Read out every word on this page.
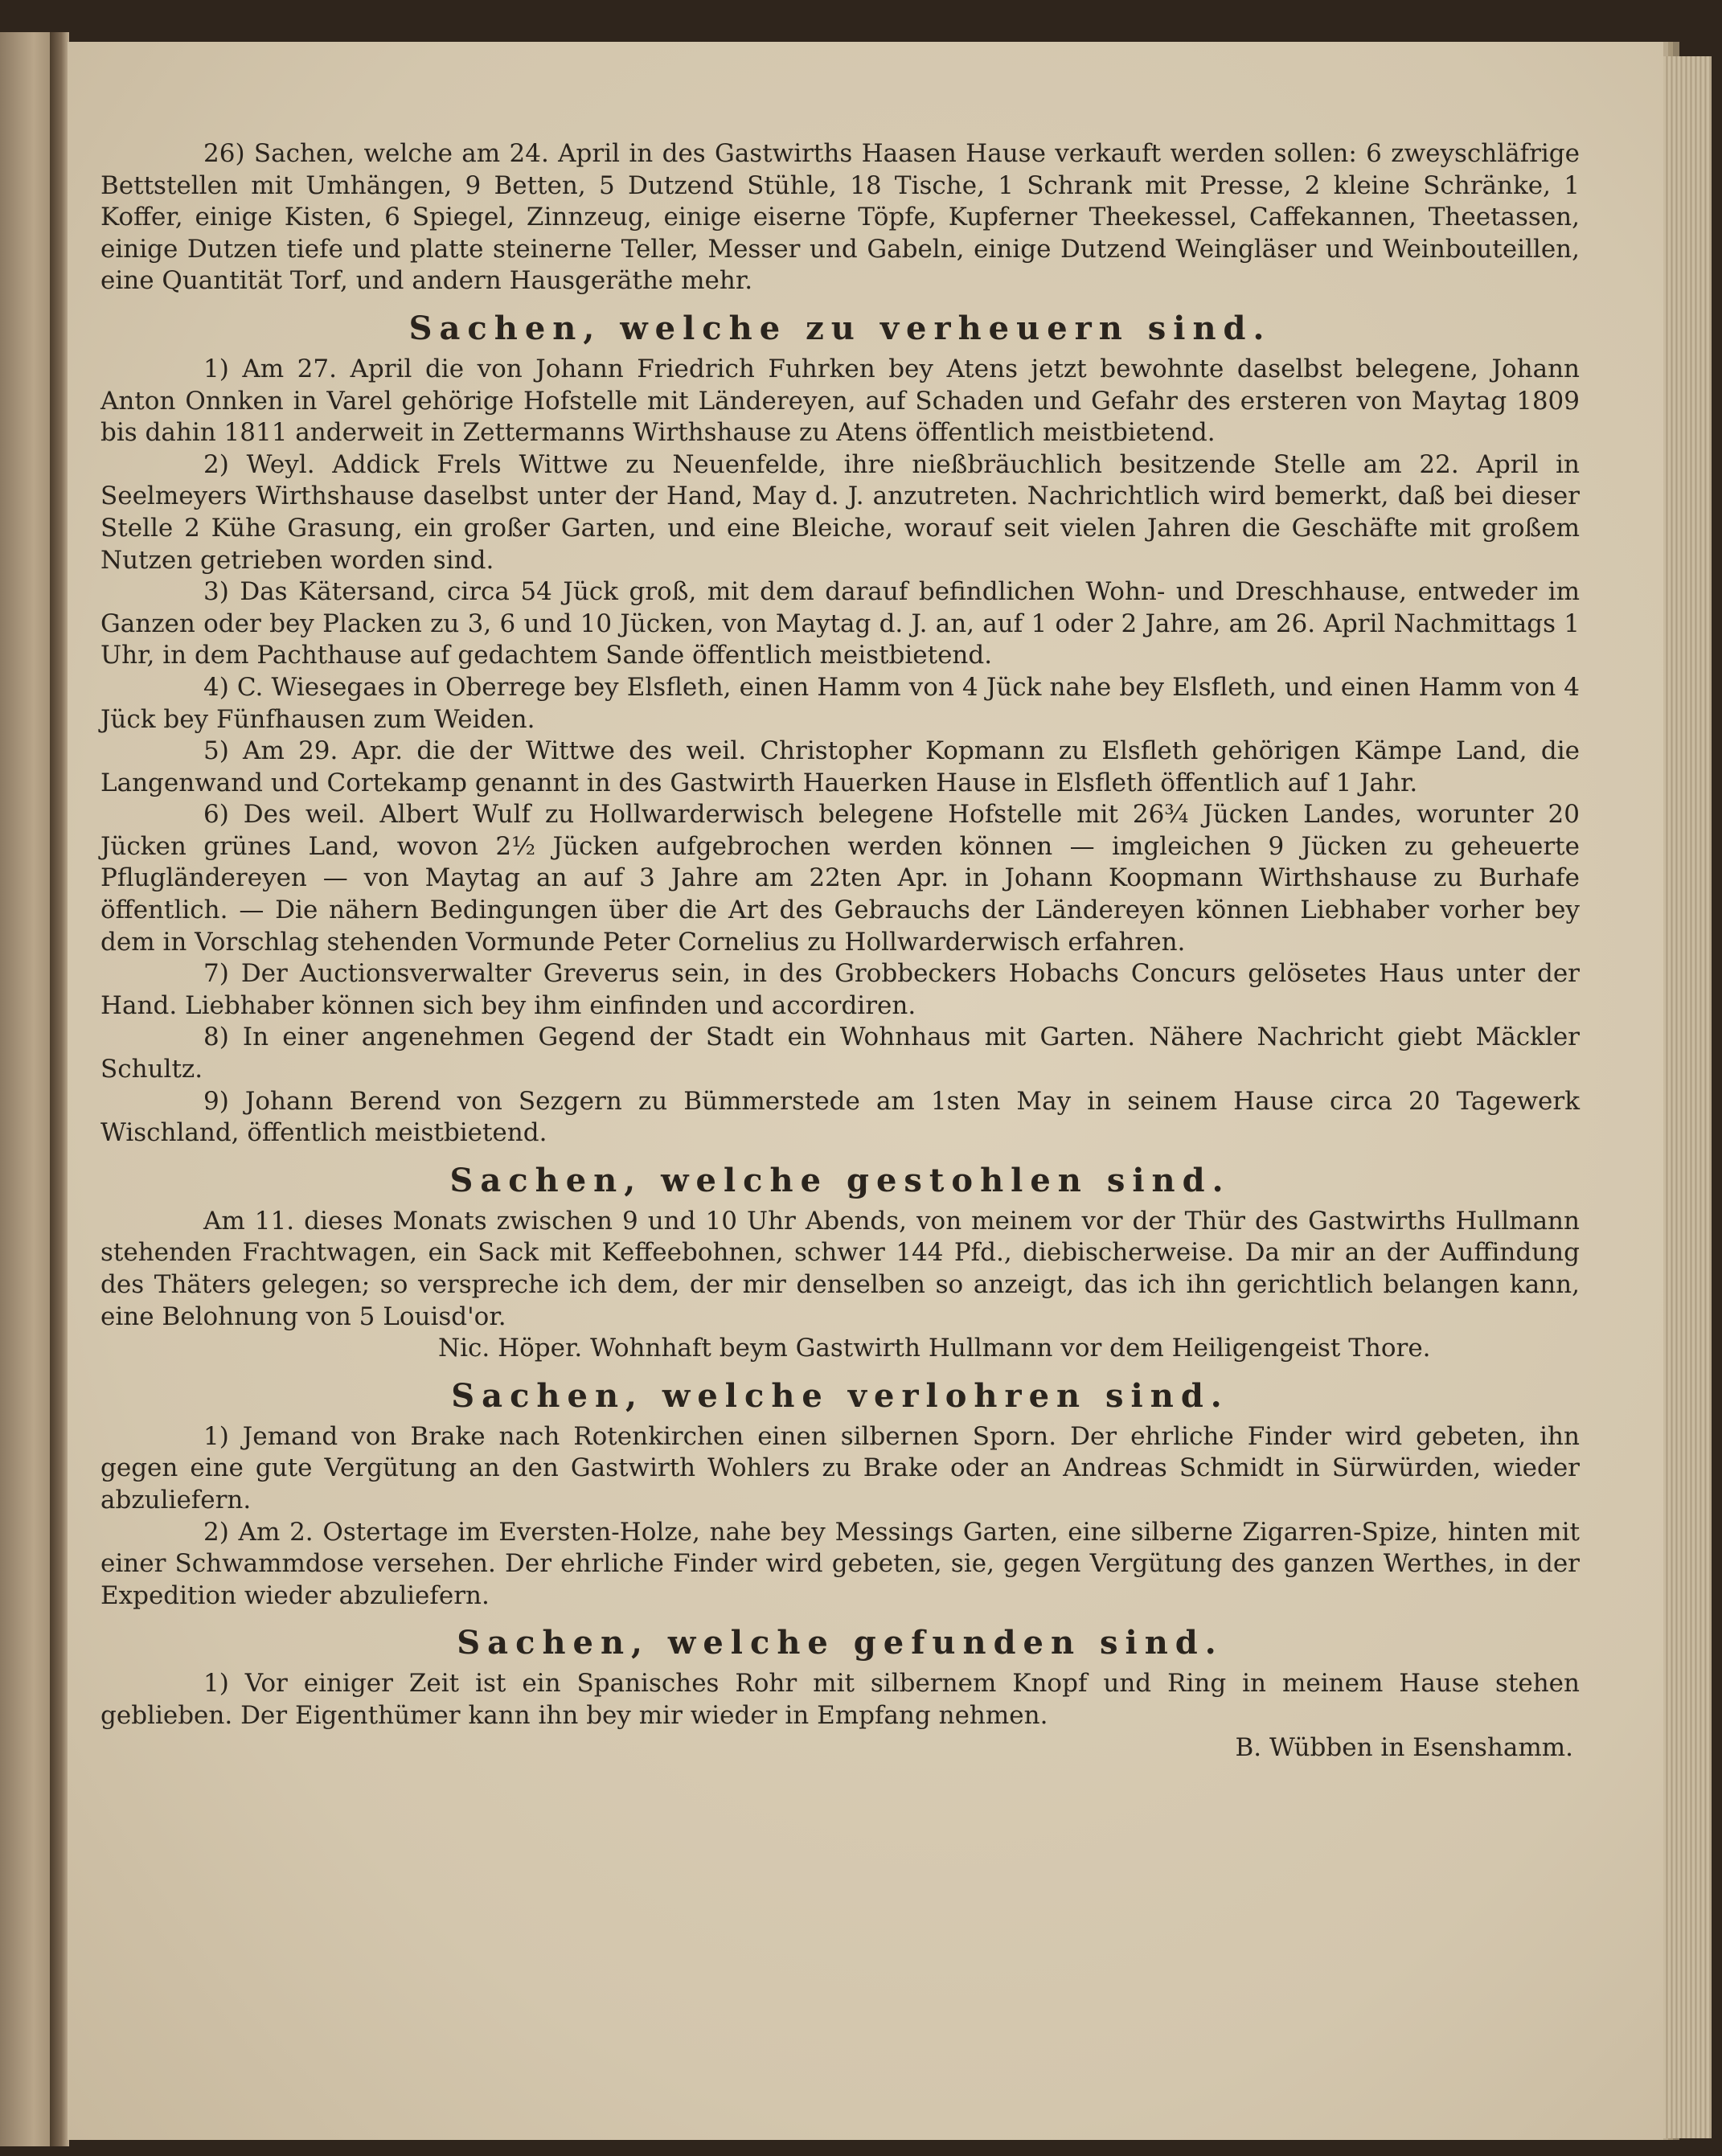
26) Sachen, welche am 24. April in des Gastwirths Haasen Hause verkauft werden sollen: 6 zweyschläfrige Bettstellen mit Umhängen, 9 Betten, 5 Dutzend Stühle, 18 Tische, 1 Schrank mit Presse, 2 kleine Schränke, 1 Koffer, einige Kisten, 6 Spiegel, Zinnzeug, einige eiserne Töpfe, Kupferner Theekessel, Caffekannen, Theetassen, einige Dutzen tiefe und platte steinerne Teller, Messer und Gabeln, einige Dutzend Weingläser und Weinbouteillen, eine Quantität Torf, und andern Hausgeräthe mehr.

Sachen, welche zu verheuern sind.

1) Am 27. April die von Johann Friedrich Fuhrken bey Atens jetzt bewohnte daselbst belegene, Johann Anton Onnken in Varel gehörige Hofstelle mit Ländereyen, auf Schaden und Gefahr des ersteren von Maytag 1809 bis dahin 1811 anderweit in Zettermanns Wirthshause zu Atens öffentlich meistbietend.

2) Weyl. Addick Frels Wittwe zu Neuenfelde, ihre nießbräuchlich besitzende Stelle am 22. April in Seelmeyers Wirthshause daselbst unter der Hand, May d. J. anzutreten. Nachrichtlich wird bemerkt, daß bei dieser Stelle 2 Kühe Grasung, ein großer Garten, und eine Bleiche, worauf seit vielen Jahren die Geschäfte mit großem Nutzen getrieben worden sind.

3) Das Kätersand, circa 54 Jück groß, mit dem darauf befindlichen Wohn- und Dreschhause, entweder im Ganzen oder bey Placken zu 3, 6 und 10 Jücken, von Maytag d. J. an, auf 1 oder 2 Jahre, am 26. April Nachmittags 1 Uhr, in dem Pachthause auf gedachtem Sande öffentlich meistbietend.

4) C. Wiesegaes in Oberrege bey Elsfleth, einen Hamm von 4 Jück nahe bey Elsfleth, und einen Hamm von 4 Jück bey Fünfhausen zum Weiden.

5) Am 29. Apr. die der Wittwe des weil. Christopher Kopmann zu Elsfleth gehörigen Kämpe Land, die Langenwand und Cortekamp genannt in des Gastwirth Hauerken Hause in Elsfleth öffentlich auf 1 Jahr.

6) Des weil. Albert Wulf zu Hollwarderwisch belegene Hofstelle mit 26¾ Jücken Landes, worunter 20 Jücken grünes Land, wovon 2½ Jücken aufgebrochen werden können — imgleichen 9 Jücken zu geheuerte Pflugländereyen — von Maytag an auf 3 Jahre am 22ten Apr. in Johann Koopmann Wirthshause zu Burhafe öffentlich. — Die nähern Bedingungen über die Art des Gebrauchs der Ländereyen können Liebhaber vorher bey dem in Vorschlag stehenden Vormunde Peter Cornelius zu Hollwarderwisch erfahren.

7) Der Auctionsverwalter Greverus sein, in des Grobbeckers Hobachs Concurs gelösetes Haus unter der Hand. Liebhaber können sich bey ihm einfinden und accordiren.

8) In einer angenehmen Gegend der Stadt ein Wohnhaus mit Garten. Nähere Nachricht giebt Mäckler Schultz.

9) Johann Berend von Sezgern zu Bümmerstede am 1sten May in seinem Hause circa 20 Tagewerk Wischland, öffentlich meistbietend.

Sachen, welche gestohlen sind.

Am 11. dieses Monats zwischen 9 und 10 Uhr Abends, von meinem vor der Thür des Gastwirths Hullmann stehenden Frachtwagen, ein Sack mit Keffeebohnen, schwer 144 Pfd., diebischerweise. Da mir an der Auffindung des Thäters gelegen; so verspreche ich dem, der mir denselben so anzeigt, das ich ihn gerichtlich belangen kann, eine Belohnung von 5 Louisd'or.

Nic. Höper. Wohnhaft beym Gastwirth Hullmann vor dem Heiligengeist Thore.

Sachen, welche verlohren sind.

1) Jemand von Brake nach Rotenkirchen einen silbernen Sporn. Der ehrliche Finder wird gebeten, ihn gegen eine gute Vergütung an den Gastwirth Wohlers zu Brake oder an Andreas Schmidt in Sürwürden, wieder abzuliefern.

2) Am 2. Ostertage im Eversten-Holze, nahe bey Messings Garten, eine silberne Zigarren-Spize, hinten mit einer Schwammdose versehen. Der ehrliche Finder wird gebeten, sie, gegen Vergütung des ganzen Werthes, in der Expedition wieder abzuliefern.

Sachen, welche gefunden sind.

1) Vor einiger Zeit ist ein Spanisches Rohr mit silbernem Knopf und Ring in meinem Hause stehen geblieben. Der Eigenthümer kann ihn bey mir wieder in Empfang nehmen.

B. Wübben in Esenshamm.
